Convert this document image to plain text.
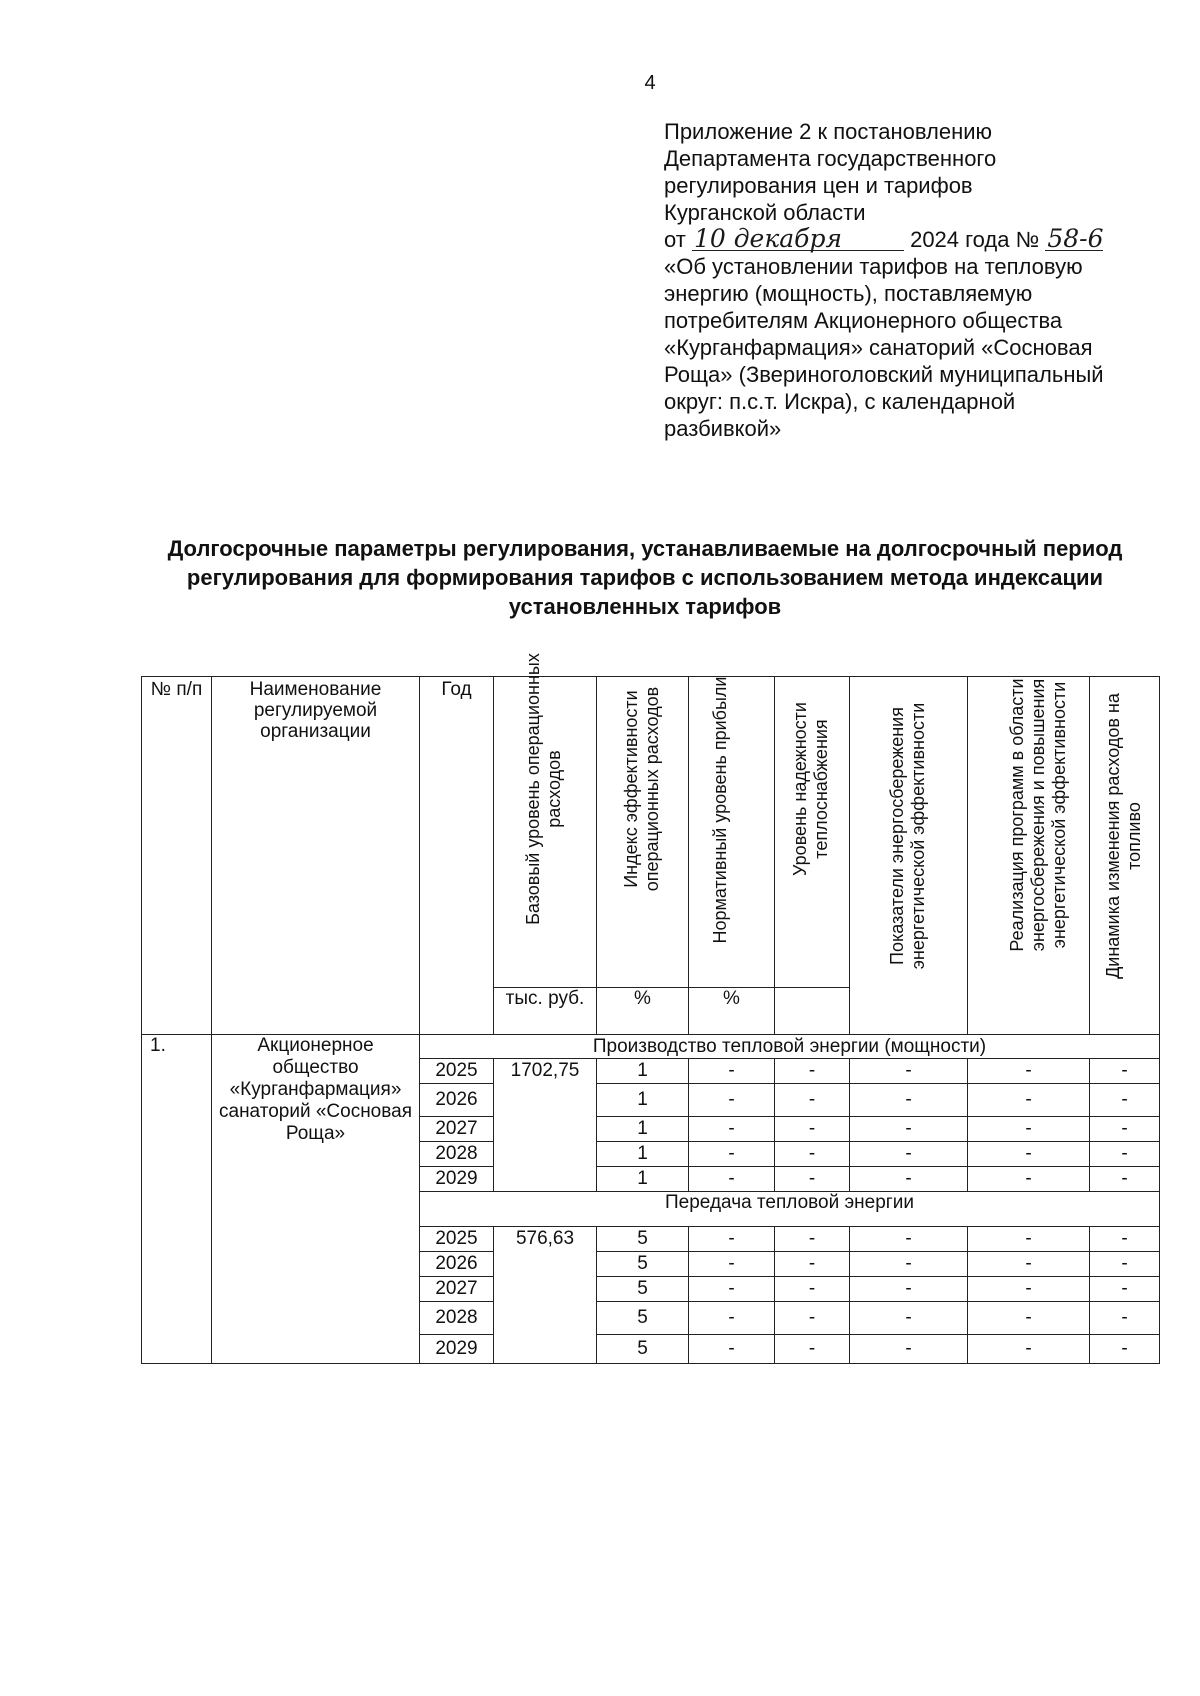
4
Приложение 2 к постановлению
Департамента государственного
регулирования цен и тарифов
Курганской области
от 10 декабря	2024 года № 58-6
«Об установлении тарифов на тепловую
энергию (мощность), поставляемую
потребителям Акционерного общества
«Курганфармация» санаторий «Сосновая
Роща» (Звериноголовский муниципальный
округ: п.с.т. Искра), с календарной
разбивкой»
Долгосрочные параметры регулирования, устанавливаемые на долгосрочный период регулирования для формирования тарифов с использованием метода индексации установленных тарифов
№ п/п	Наименование регулируемой организации	Год	Базовый уровень операционных расходов	Индекс эффективности операционных расходов	Нормативный уровень прибыли	Уровень надежности теплоснабжения	Показатели энергосбережения энергетической эффективности	Реализация программ в области энергосбережения и повышения энергетической эффективности	Динамика изменения расходов на топливо

			тыс. руб.	%	%				
1.	Акционерное общество «Курганфармация» санаторий «Сосновая Роща»	Производство тепловой энергии (мощности)							
		2025	1702,75	1	-	-	-	-	-
		2026		1	-	-	-	-	-
		2027		1	-	-	-	-	-
		2028		1	-	-	-	-	-
		2029		1	-	-	-	-	-
		Передача тепловой энергии							
		2025	576,63	5	-	-	-	-	-
		2026		5	-	-	-	-	-
		2027		5	-	-	-	-	-
		2028		5	-	-	-	-	-
		2029		5	-	-	-	-	-
